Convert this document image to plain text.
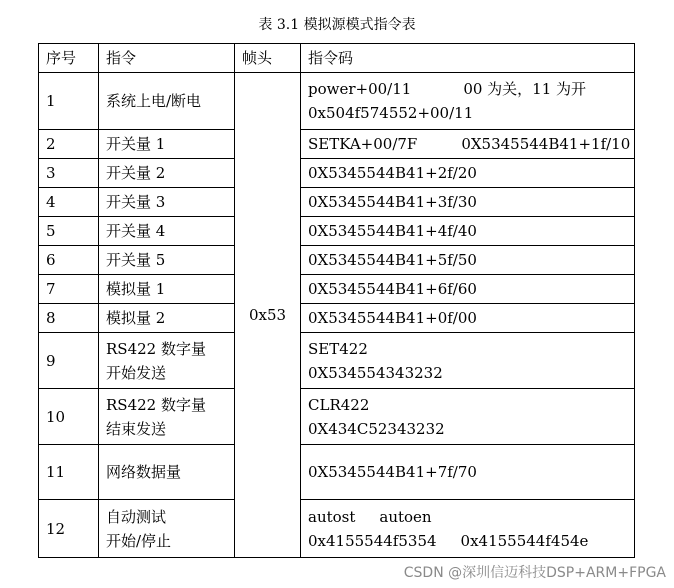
表 3.1 模拟源模式指令表
序号	指令	帧头	指令码
1	系统上电/断电	0x53	power+00/11 00 为关，11 为开
0x504f574552+00/11

2	开关量 1		SETKA+00/7F 0X5345544B41+1f/10

3	开关量 2		0X5345544B41+2f/20

4	开关量 3		0X5345544B41+3f/30

5	开关量 4		0X5345544B41+4f/40

6	开关量 5		0X5345544B41+5f/50

7	模拟量 1		0X5345544B41+6f/60

8	模拟量 2		0X5345544B41+0f/00

9	RS422 数字量
开始发送		SET422
0X534554343232

10	RS422 数字量
结束发送		CLR422
0X434C52343232

11	网络数据量		0X5345544B41+7f/70

12	自动测试
开始/停止		autost autoen
0x4155544f5354 0x4155544f454e
CSDN @深圳信迈科技DSP+ARM+FPGA
